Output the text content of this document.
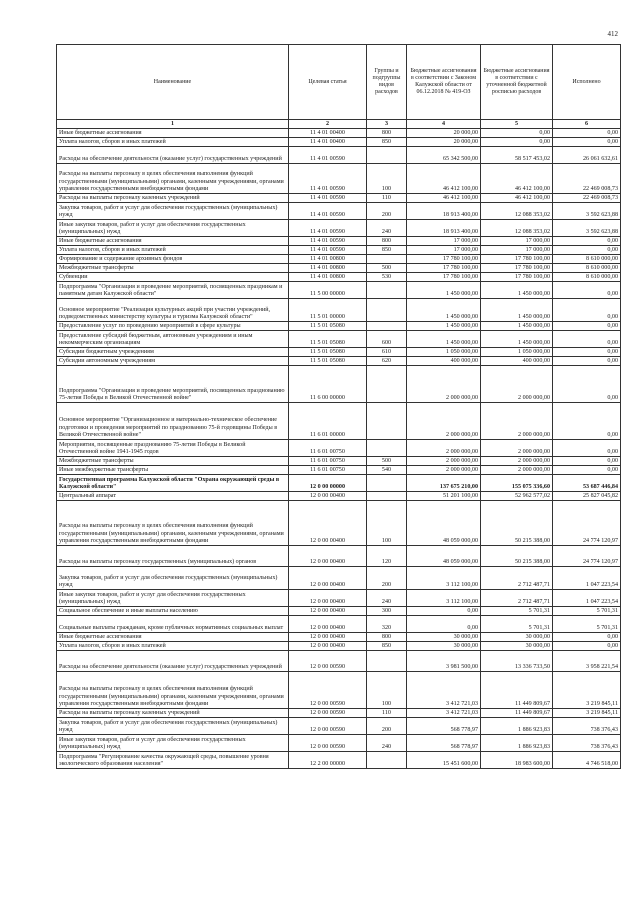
412
Наименование	Целевая статья	Группы и подгруппы видов расходов	Бюджетные ассигнования в соответствии с Законом Калужской области от 06.12.2018 № 419-ОЗ	Бюджетные ассигнования в соответствии с уточненной бюджетной росписью расходов	Исполнено
1	2	3	4	5	6
Иные бюджетные ассигнования	11 4 01 00400	800	20 000,00	0,00	0,00
Уплата налогов, сборов и иных платежей	11 4 01 00400	850	20 000,00	0,00	0,00
Расходы на обеспечение деятельности (оказание услуг) государственных учреждений	11 4 01 00590		65 342 500,00	58 517 453,02	26 061 632,61
Расходы на выплаты персоналу в целях обеспечения выполнения функций государственными (муниципальными) органами, казенными учреждениями, органами управления государственными внебюджетными фондами	11 4 01 00590	100	46 412 100,00	46 412 100,00	22 469 008,73
Расходы на выплаты персоналу казенных учреждений	11 4 01 00590	110	46 412 100,00	46 412 100,00	22 469 008,73
Закупка товаров, работ и услуг для обеспечения государственных (муниципальных) нужд	11 4 01 00590	200	18 913 400,00	12 088 353,02	3 592 623,88
Иные закупки товаров, работ и услуг для обеспечения государственных (муниципальных) нужд	11 4 01 00590	240	18 913 400,00	12 088 353,02	3 592 623,88
Иные бюджетные ассигнования	11 4 01 00590	800	17 000,00	17 000,00	0,00
Уплата налогов, сборов и иных платежей	11 4 01 00590	850	17 000,00	17 000,00	0,00
Формирование и содержание архивных фондов	11 4 01 00800		17 780 100,00	17 780 100,00	8 610 000,00
Межбюджетные трансферты	11 4 01 00800	500	17 780 100,00	17 780 100,00	8 610 000,00
Субвенции	11 4 01 00800	530	17 780 100,00	17 780 100,00	8 610 000,00
Подпрограмма "Организация и проведение мероприятий, посвященных праздникам и памятным датам Калужской области"	11 5 00 00000		1 450 000,00	1 450 000,00	0,00
Основное мероприятие "Реализация культурных акций при участии учреждений, подведомственных министерству культуры и туризма Калужской области"	11 5 01 00000		1 450 000,00	1 450 000,00	0,00
Предоставление услуг по проведению мероприятий в сфере культуры	11 5 01 05080		1 450 000,00	1 450 000,00	0,00
Предоставление субсидий бюджетным, автономным учреждениям и иным некоммерческим организациям	11 5 01 05080	600	1 450 000,00	1 450 000,00	0,00
Субсидии бюджетным учреждениям	11 5 01 05080	610	1 050 000,00	1 050 000,00	0,00
Субсидии автономным учреждениям	11 5 01 05080	620	400 000,00	400 000,00	0,00
Подпрограмма "Организация и проведение мероприятий, посвященных празднованию 75-летия Победы в Великой Отечественной войне"	11 6 00 00000		2 000 000,00	2 000 000,00	0,00
Основное мероприятие "Организационное и материально-техническое обеспечение подготовки и проведения мероприятий по празднованию 75-й годовщины Победы в Великой Отечественной войне"	11 6 01 00000		2 000 000,00	2 000 000,00	0,00
Мероприятия, посвященные празднованию 75-летия Победы в Великой Отечественной войне 1941-1945 годов	11 6 01 00750		2 000 000,00	2 000 000,00	0,00
Межбюджетные трансферты	11 6 01 00750	500	2 000 000,00	2 000 000,00	0,00
Иные межбюджетные трансферты	11 6 01 00750	540	2 000 000,00	2 000 000,00	0,00
Государственная программа Калужской области "Охрана окружающей среды в Калужской области"	12 0 00 00000		137 675 210,00	155 075 336,60	53 687 446,84
Центральный аппарат	12 0 00 00400		51 201 100,00	52 962 577,02	25 827 045,82
Расходы на выплаты персоналу в целях обеспечения выполнения функций государственными (муниципальными) органами, казенными учреждениями, органами управления государственными внебюджетными фондами	12 0 00 00400	100	48 059 000,00	50 215 388,00	24 774 120,97
Расходы на выплаты персоналу государственных (муниципальных) органов	12 0 00 00400	120	48 059 000,00	50 215 388,00	24 774 120,97
Закупка товаров, работ и услуг для обеспечения государственных (муниципальных) нужд	12 0 00 00400	200	3 112 100,00	2 712 487,71	1 047 223,54
Иные закупки товаров, работ и услуг для обеспечения государственных (муниципальных) нужд	12 0 00 00400	240	3 112 100,00	2 712 487,71	1 047 223,54
Социальное обеспечение и иные выплаты населению	12 0 00 00400	300	0,00	5 701,31	5 701,31
Социальные выплаты гражданам, кроме публичных нормативных социальных выплат	12 0 00 00400	320	0,00	5 701,31	5 701,31
Иные бюджетные ассигнования	12 0 00 00400	800	30 000,00	30 000,00	0,00
Уплата налогов, сборов и иных платежей	12 0 00 00400	850	30 000,00	30 000,00	0,00
Расходы на обеспечение деятельности (оказание услуг) государственных учреждений	12 0 00 00590		3 981 500,00	13 336 733,50	3 958 221,54
Расходы на выплаты персоналу в целях обеспечения выполнения функций государственными (муниципальными) органами, казенными учреждениями, органами управления государственными внебюджетными фондами	12 0 00 00590	100	3 412 721,03	11 449 809,67	3 219 845,11
Расходы на выплаты персоналу казенных учреждений	12 0 00 00590	110	3 412 721,03	11 449 809,67	3 219 845,11
Закупка товаров, работ и услуг для обеспечения государственных (муниципальных) нужд	12 0 00 00590	200	568 778,97	1 886 923,83	738 376,43
Иные закупки товаров, работ и услуг для обеспечения государственных (муниципальных) нужд	12 0 00 00590	240	568 778,97	1 886 923,83	738 376,43
Подпрограмма "Регулирование качества окружающей среды, повышение уровня экологического образования населения"	12 2 00 00000		15 451 600,00	18 983 600,00	4 746 518,00
